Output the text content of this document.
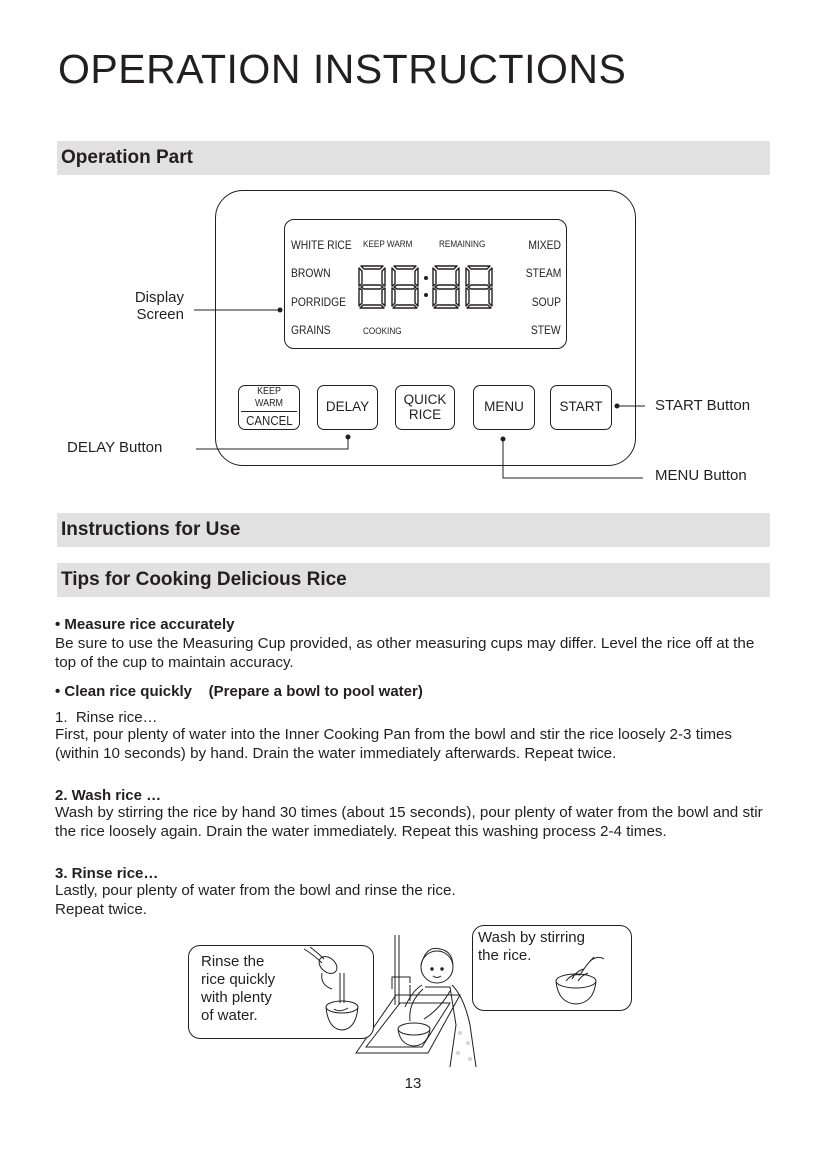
OPERATION INSTRUCTIONS
Operation Part
WHITE RICE
BROWN
PORRIDGE
GRAINS
KEEP WARM	REMAINING
COOKING
MIXED
STEAM
SOUP
STEW
KEEP WARM
CANCEL
DELAY	QUICK
RICE	MENU	START
Display
Screen
START Button
DELAY Button
MENU Button
Instructions for Use
Tips for Cooking Delicious Rice
• Measure rice accurately
Be sure to use the Measuring Cup provided, as other measuring cups may differ. Level the rice off at the top of the cup to maintain accuracy.
• Clean rice quickly    (Prepare a bowl to pool water)
1.  Rinse rice…
First, pour plenty of water into the Inner Cooking Pan from the bowl and stir the rice loosely 2-3 times (within 10 seconds) by hand. Drain the water immediately afterwards. Repeat twice.
2. Wash rice …
Wash by stirring the rice by hand 30 times (about 15 seconds), pour plenty of water from the bowl and stir the rice loosely again. Drain the water immediately. Repeat this washing process 2-4 times.
3. Rinse rice…
Lastly, pour plenty of water from the bowl and rinse the rice.
Repeat twice.
Rinse the
rice quickly
with plenty
of water.
Wash by stirring
the rice.
13
